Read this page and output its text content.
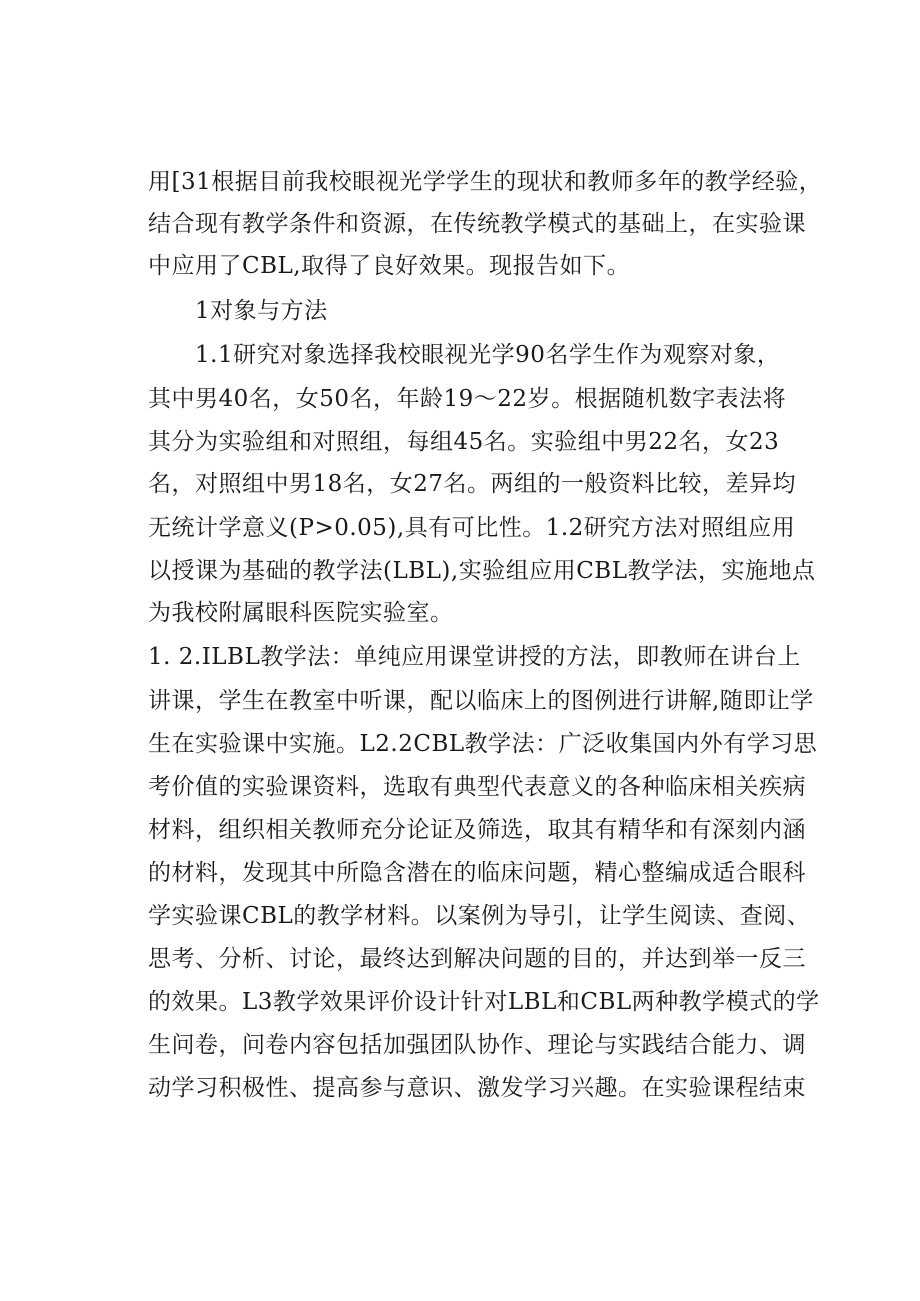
用[31根据目前我校眼视光学学生的现状和教师多年的教学经验，
结合现有教学条件和资源，在传统教学模式的基础上，在实验课
中应用了CBL,取得了良好效果。现报告如下。
1对象与方法
1.1研究对象选择我校眼视光学90名学生作为观察对象，
其中男40名，女50名，年龄19～22岁。根据随机数字表法将
其分为实验组和对照组，每组45名。实验组中男22名，女23
名，对照组中男18名，女27名。两组的一般资料比较，差异均
无统计学意义(P>0.05),具有可比性。1.2研究方法对照组应用
以授课为基础的教学法(LBL),实验组应用CBL教学法，实施地点
为我校附属眼科医院实验室。
1. 2.ILBL教学法：单纯应用课堂讲授的方法，即教师在讲台上
讲课，学生在教室中听课，配以临床上的图例进行讲解,随即让学
生在实验课中实施。L2.2CBL教学法：广泛收集国内外有学习思
考价值的实验课资料，选取有典型代表意义的各种临床相关疾病
材料，组织相关教师充分论证及筛选，取其有精华和有深刻内涵
的材料，发现其中所隐含潜在的临床问题，精心整编成适合眼科
学实验课CBL的教学材料。以案例为导引，让学生阅读、查阅、
思考、分析、讨论，最终达到解决问题的目的，并达到举一反三
的效果。L3教学效果评价设计针对LBL和CBL两种教学模式的学
生问卷，问卷内容包括加强团队协作、理论与实践结合能力、调
动学习积极性、提高参与意识、激发学习兴趣。在实验课程结束
